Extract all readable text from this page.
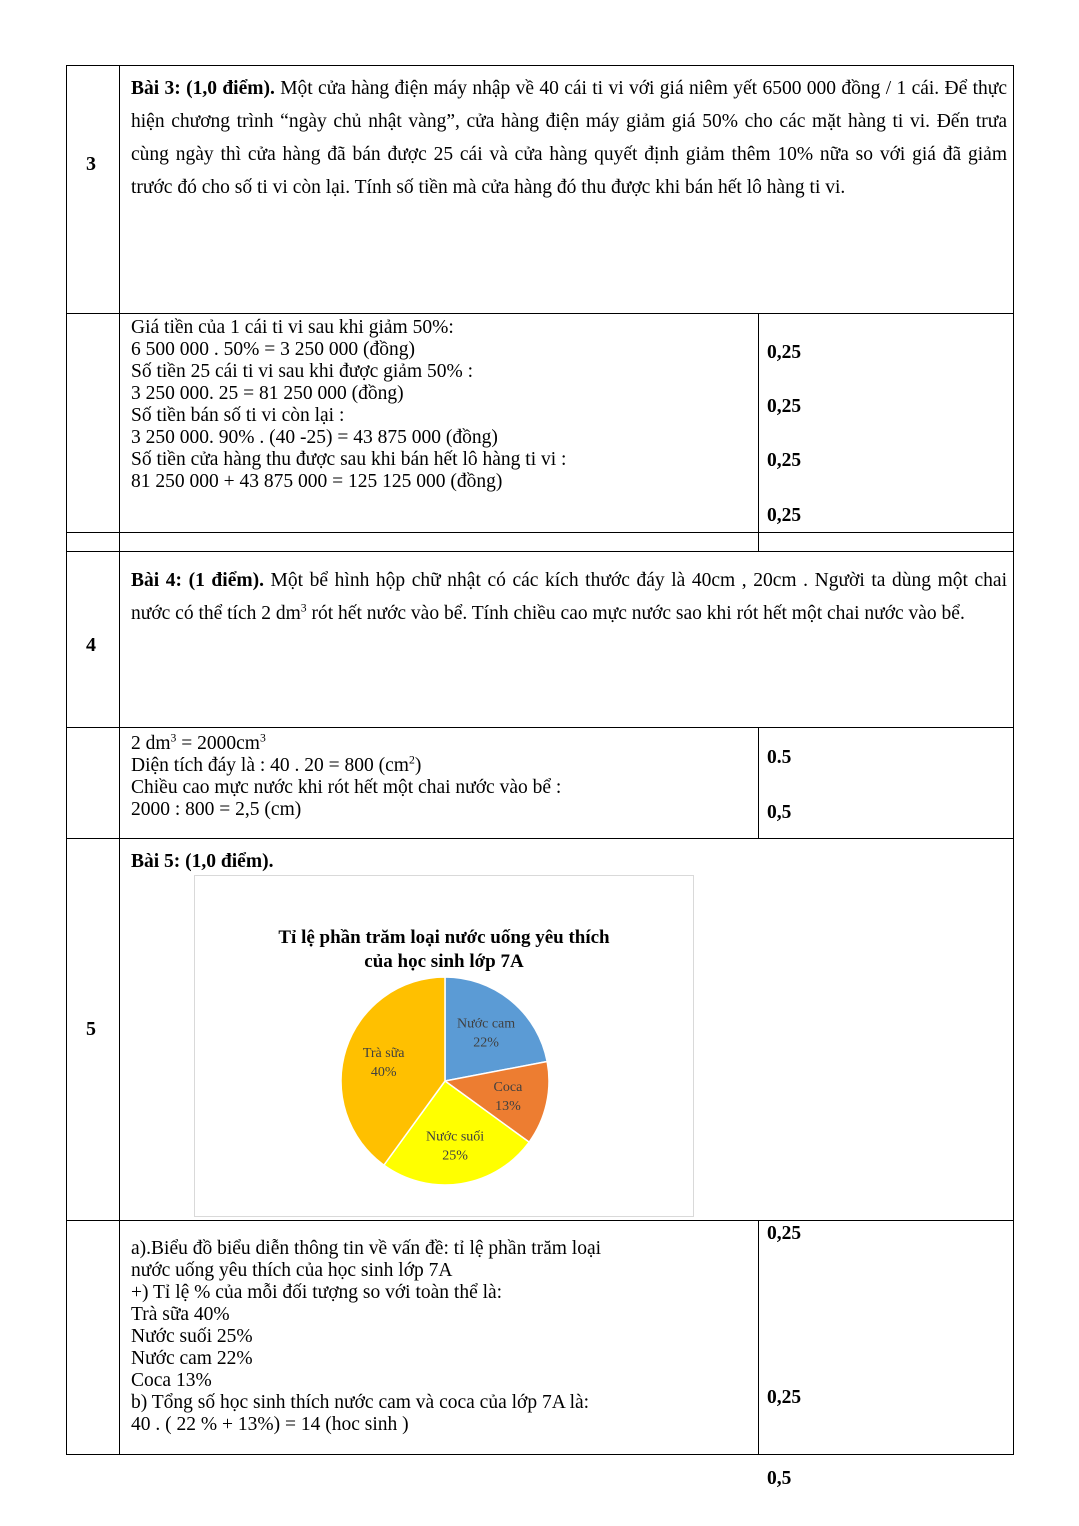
3
Bài 3: (1,0 điểm). Một cửa hàng điện máy nhập về 40 cái ti vi với giá niêm yết 6500 000 đồng / 1 cái. Để thực hiện chương trình “ngày chủ nhật vàng”, cửa hàng điện máy giảm giá 50% cho các mặt hàng ti vi. Đến trưa cùng ngày thì cửa hàng đã bán được 25 cái và cửa hàng quyết định giảm thêm 10% nữa so với giá đã giảm trước đó cho số ti vi còn lại. Tính số tiền mà cửa hàng đó thu được khi bán hết lô hàng ti vi.
Giá tiền của 1 cái ti vi sau khi giảm 50%:
6 500 000 . 50% = 3 250 000 (đồng)
Số tiền 25 cái ti vi sau khi được giảm 50% :
3 250 000. 25 = 81 250 000 (đồng)
Số tiền bán số ti vi còn lại :
3 250 000. 90% . (40 -25) = 43 875 000 (đồng)
Số tiền cửa hàng thu được sau khi bán hết lô hàng ti vi :
81 250 000 + 43 875 000 = 125 125 000 (đồng)
0,25
0,25
0,25
0,25
4
Bài 4: (1 điểm). Một bể hình hộp chữ nhật có các kích thước đáy là 40cm , 20cm . Người ta dùng một chai nước có thể tích 2 $dm^3$ rót hết nước vào bể. Tính chiều cao mực nước sao khi rót hết một chai nước vào bể.
2 $dm^3 = 2000cm^3$
Diện tích đáy là : 40 . 20 = 800 $(cm^2)$
Chiều cao mực nước khi rót hết một chai nước vào bể :
2000 : 800 = 2,5 (cm)
0.5
0,5
5
Bài 5: (1,0 điểm).
Tỉ lệ phần trăm loại nước uống yêu thích
của học sinh lớp 7A
Nước cam
22%
Coca
13%
Nước suối
25%
Trà sữa
40%
a).Biểu đồ biểu diễn thông tin về vấn đề: tỉ lệ phần trăm loại
nước uống yêu thích của học sinh lớp 7A
+) Tỉ lệ % của mỗi đối tượng so với toàn thể là:
Trà sữa 40%
Nước suối 25%
Nước cam 22%
Coca 13%
b) Tổng số học sinh thích nước cam và coca của lớp 7A là:
40 . ( 22 % + 13%) = 14 (hoc sinh )
0,25
0,25
0,5
